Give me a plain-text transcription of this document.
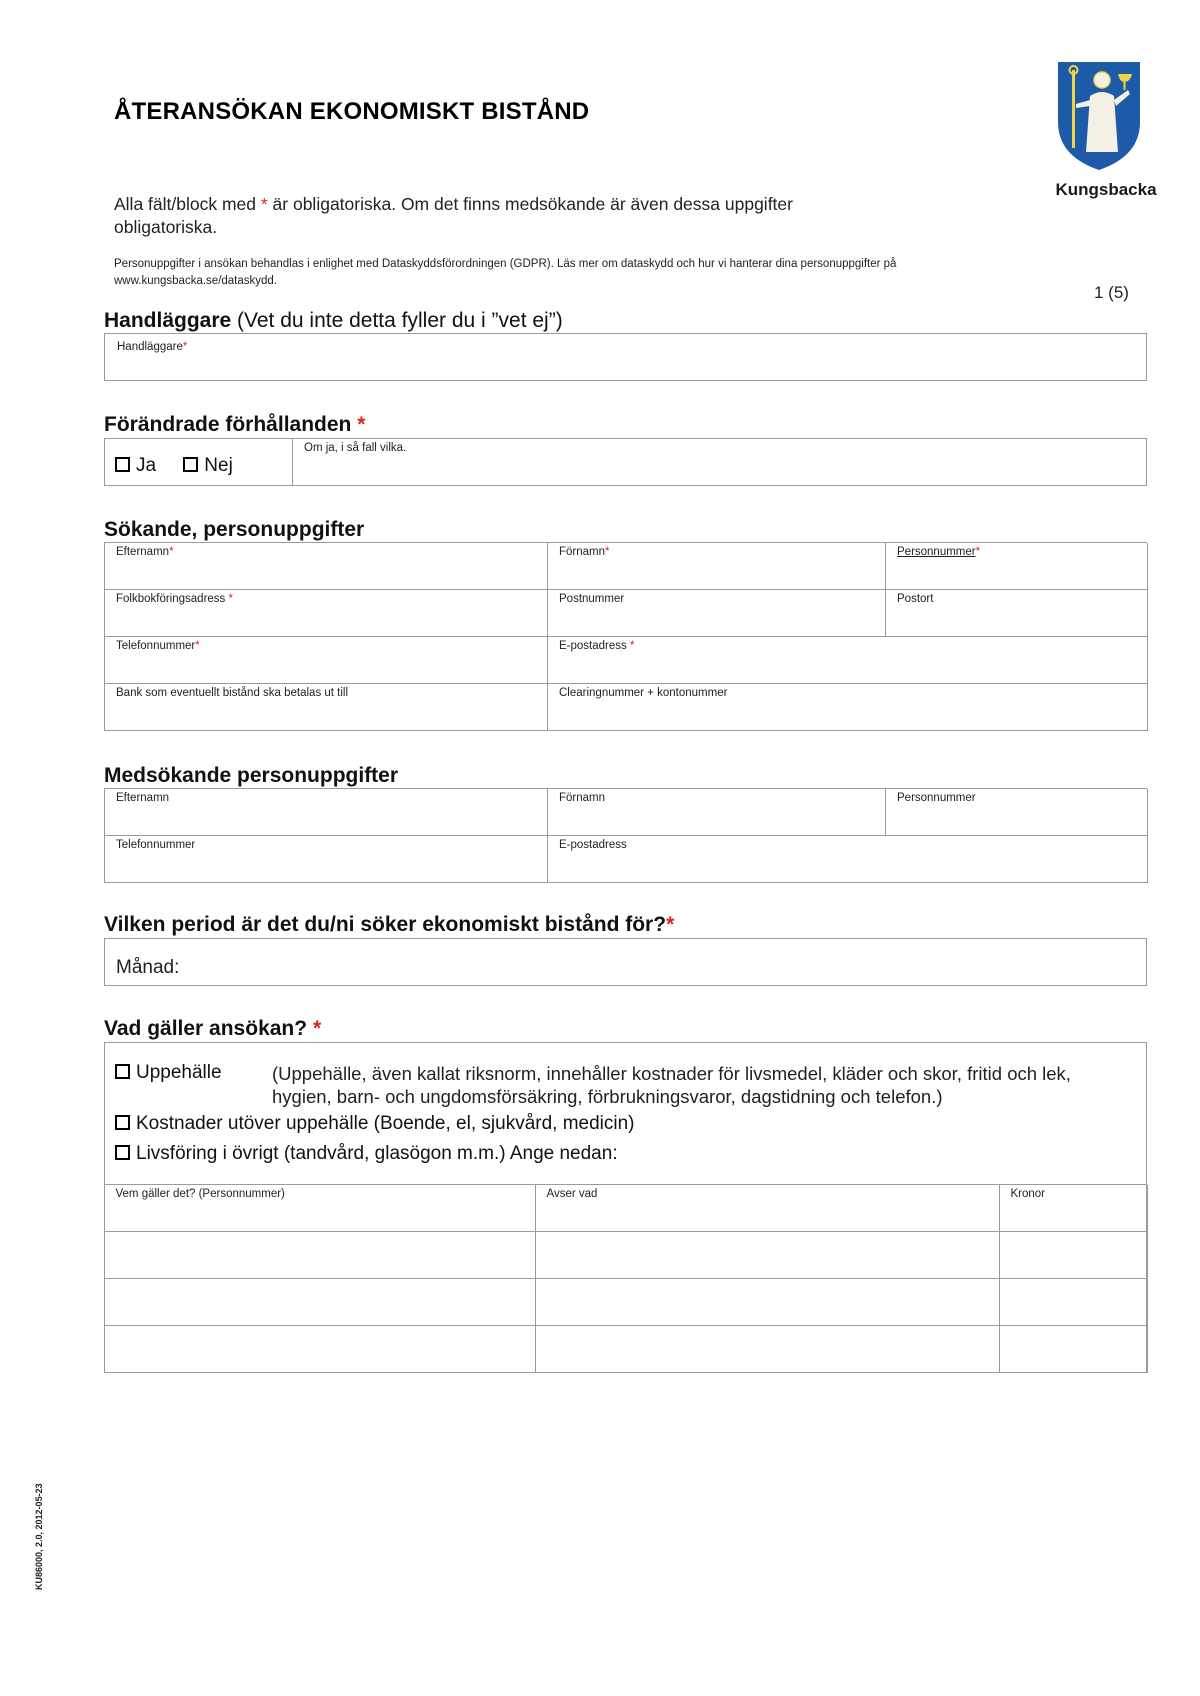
ÅTERANSÖKAN EKONOMISKT BISTÅND
Alla fält/block med * är obligatoriska. Om det finns medsökande är även dessa uppgifter obligatoriska.
Personuppgifter i ansökan behandlas i enlighet med Dataskyddsförordningen (GDPR). Läs mer om dataskydd och hur vi hanterar dina personuppgifter på www.kungsbacka.se/dataskydd.
1 (5)
Kungsbacka
Handläggare (Vet du inte detta fyller du i ”vet ej”)
Handläggare*
Förändrade förhållanden *
Ja	Nej
Om ja, i så fall vilka.
Sökande, personuppgifter
Efternamn*	Förnamn*	Personnummer*
Folkbokföringsadress *	Postnummer	Postort
Telefonnummer*	E-postadress *
Bank som eventuellt bistånd ska betalas ut till	Clearingnummer + kontonummer
Medsökande personuppgifter
Efternamn	Förnamn	Personnummer
Telefonnummer	E-postadress
Vilken period är det du/ni söker ekonomiskt bistånd för?*
Månad:
Vad gäller ansökan? *
Uppehälle	(Uppehälle, även kallat riksnorm, innehåller kostnader för livsmedel, kläder och skor, fritid och lek, hygien, barn- och ungdomsförsäkring, förbrukningsvaror, dagstidning och telefon.)
Kostnader utöver uppehälle (Boende, el, sjukvård, medicin)
Livsföring i övrigt (tandvård, glasögon m.m.) Ange nedan:
Vem gäller det? (Personnummer)	Avser vad	Kronor
KU86000, 2.0, 2012-05-23
